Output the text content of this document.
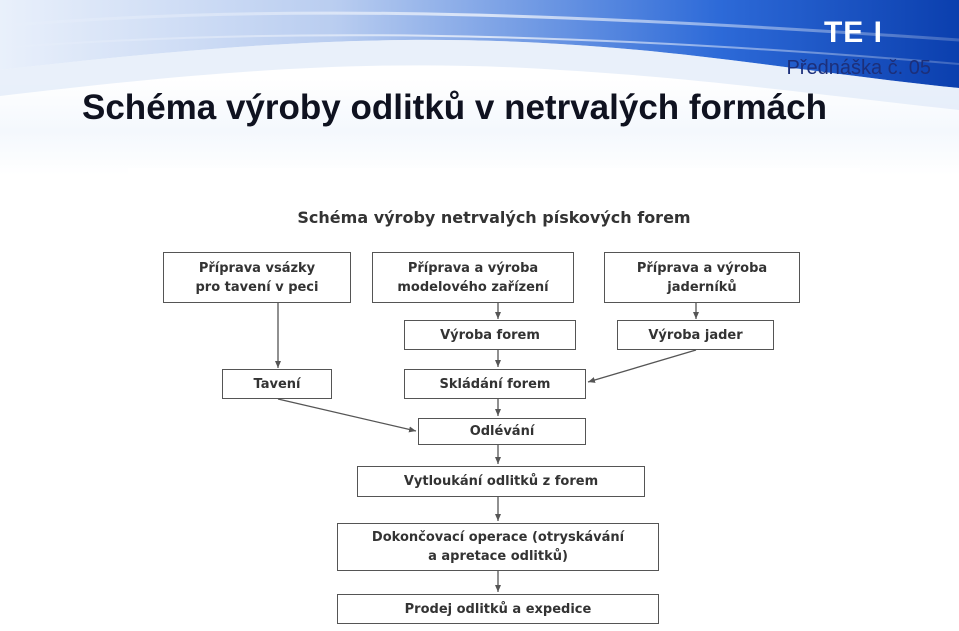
TE I
Přednáška č. 05
Schéma výroby odlitků v netrvalých formách
Schéma výroby netrvalých pískových forem
Příprava vsázky
pro tavení v peci
Příprava a výroba
modelového zařízení
Příprava a výroba
jaderníků
Výroba forem	Výroba jader
Tavení	Skládání forem
Odlévání
Vytloukání odlitků z forem
Dokončovací operace (otryskávání
a apretace odlitků)
Prodej odlitků a expedice
